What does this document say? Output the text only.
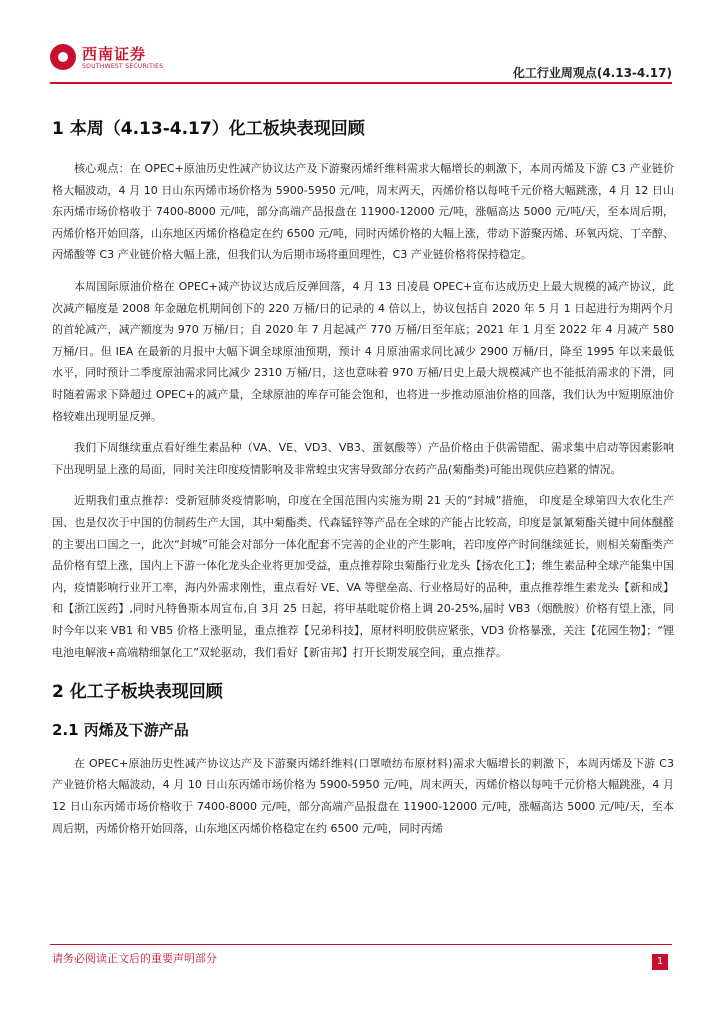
西南证券
SOUTHWEST SECURITIES	化工行业周观点(4.13-4.17)
1 本周（4.13-4.17）化工板块表现回顾

核心观点：在 OPEC+原油历史性减产协议达产及下游聚丙烯纤维料需求大幅增长的刺激下，本周丙烯及下游 C3 产业链价格大幅波动，4 月 10 日山东丙烯市场价格为 5900-5950 元/吨，周末两天，丙烯价格以每吨千元价格大幅跳涨，4 月 12 日山东丙烯市场价格收于 7400-8000 元/吨，部分高端产品报盘在 11900-12000 元/吨，涨幅高达 5000 元/吨/天，至本周后期，丙烯价格开始回落，山东地区丙烯价格稳定在约 6500 元/吨，同时丙烯价格的大幅上涨，带动下游聚丙烯、环氧丙烷、丁辛醇、丙烯酸等 C3 产业链价格大幅上涨，但我们认为后期市场将重回理性，C3 产业链价格将保持稳定。

本周国际原油价格在 OPEC+减产协议达成后反弹回落，4 月 13 日凌晨 OPEC+宣布达成历史上最大规模的减产协议，此次减产幅度是 2008 年金融危机期间创下的 220 万桶/日的记录的 4 倍以上，协议包括自 2020 年 5 月 1 日起进行为期两个月的首轮减产，减产额度为 970 万桶/日；自 2020 年 7 月起减产 770 万桶/日至年底；2021 年 1 月至 2022 年 4 月减产 580 万桶/日。但 IEA 在最新的月报中大幅下调全球原油预期，预计 4 月原油需求同比减少 2900 万桶/日，降至 1995 年以来最低水平，同时预计二季度原油需求同比减少 2310 万桶/日，这也意味着 970 万桶/日史上最大规模减产也不能抵消需求的下滑，同时随着需求下降超过 OPEC+的减产量，全球原油的库存可能会饱和，也将进一步推动原油价格的回落，我们认为中短期原油价格较难出现明显反弹。

我们下周继续重点看好维生素品种（VA、VE、VD3、VB3、蛋氨酸等）产品价格由于供需错配、需求集中启动等因素影响下出现明显上涨的局面，同时关注印度疫情影响及非常蝗虫灾害导致部分农药产品(菊酯类)可能出现供应趋紧的情况。

近期我们重点推荐：受新冠肺炎疫情影响，印度在全国范围内实施为期 21 天的“封城”措施， 印度是全球第四大农化生产国、也是仅次于中国的仿制药生产大国，其中菊酯类、代森锰锌等产品在全球的产能占比较高，印度是氯氰菊酯关键中间体醚醛的主要出口国之一，此次“封城”可能会对部分一体化配套不完善的企业的产生影响，若印度停产时间继续延长，则相关菊酯类产品价格有望上涨，国内上下游一体化龙头企业将更加受益，重点推荐除虫菊酯行业龙头【扬农化工】；维生素品种全球产能集中国内，疫情影响行业开工率，海内外需求刚性，重点看好 VE、VA 等壁垒高、行业格局好的品种，重点推荐维生素龙头【新和成】和【浙江医药】,同时凡特鲁斯本周宣布,自 3月 25 日起，将甲基吡啶价格上调 20-25%,届时 VB3（烟酰胺）价格有望上涨，同时今年以来 VB1 和 VB5 价格上涨明显，重点推荐【兄弟科技】，原材料明胶供应紧张，VD3 价格暴涨，关注【花园生物】；“锂电池电解液+高端精细氯化工”双轮驱动，我们看好【新宙邦】打开长期发展空间，重点推荐。

2 化工子板块表现回顾
2.1 丙烯及下游产品

在 OPEC+原油历史性减产协议达产及下游聚丙烯纤维料(口罩喷纺布原材料)需求大幅增长的刺激下，本周丙烯及下游 C3 产业链价格大幅波动，4 月 10 日山东丙烯市场价格为 5900-5950 元/吨，周末两天，丙烯价格以每吨千元价格大幅跳涨，4 月 12 日山东丙烯市场价格收于 7400-8000 元/吨，部分高端产品报盘在 11900-12000 元/吨，涨幅高达 5000 元/吨/天，至本周后期，丙烯价格开始回落，山东地区丙烯价格稳定在约 6500 元/吨，同时丙烯

请务必阅读正文后的重要声明部分	1
